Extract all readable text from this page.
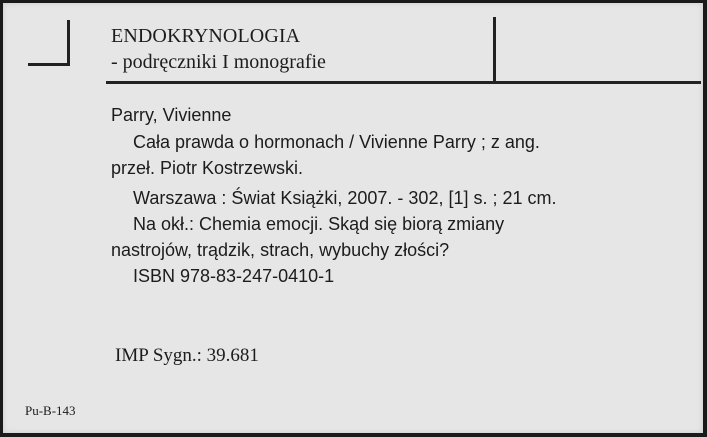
ENDOKRYNOLOGIA
- podręczniki I monografie
Parry, Vivienne
Cała prawda o hormonach / Vivienne Parry ; z ang.
przeł. Piotr Kostrzewski.
Warszawa : Świat Książki, 2007. - 302, [1] s. ; 21 cm.
Na okł.: Chemia emocji. Skąd się biorą zmiany
nastrojów, trądzik, strach, wybuchy złości?
ISBN 978-83-247-0410-1
IMP Sygn.: 39.681
Pu-B-143
